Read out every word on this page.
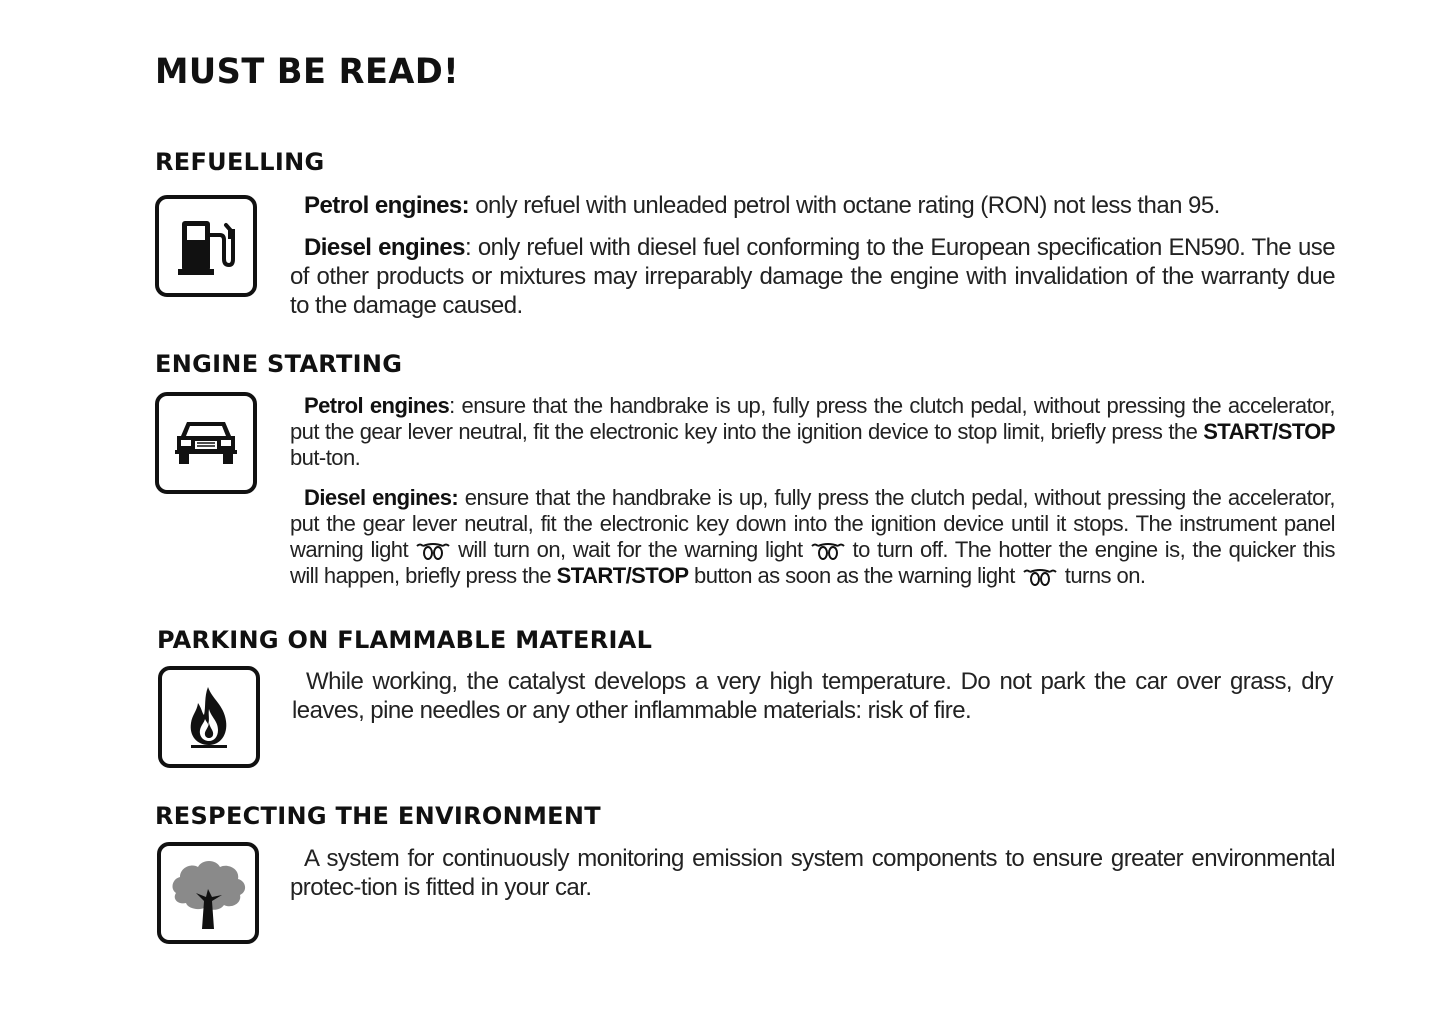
MUST BE READ!
REFUELLING

Petrol engines: only refuel with unleaded petrol with octane rating (RON) not less than 95.

Diesel engines: only refuel with diesel fuel conforming to the European specification EN590. The use of other products or mixtures may irreparably damage the engine with invalidation of the warranty due to the damage caused.

ENGINE STARTING

Petrol engines: ensure that the handbrake is up, fully press the clutch pedal, without pressing the accelerator, put the gear lever neutral, fit the electronic key into the ignition device to stop limit, briefly press the START/STOP but-ton.

Diesel engines: ensure that the handbrake is up, fully press the clutch pedal, without pressing the accelerator, put the gear lever neutral, fit the electronic key down into the ignition device until it stops. The instrument panel warning light will turn on, wait for the warning light to turn off. The hotter the engine is, the quicker this will happen, briefly press the START/STOP button as soon as the warning light turns on.

PARKING ON FLAMMABLE MATERIAL
While working, the catalyst develops a very high temperature. Do not park the car over grass, dry leaves, pine needles or any other inflammable materials: risk of fire.
RESPECTING THE ENVIRONMENT
A system for continuously monitoring emission system components to ensure greater environmental protec-tion is fitted in your car.
